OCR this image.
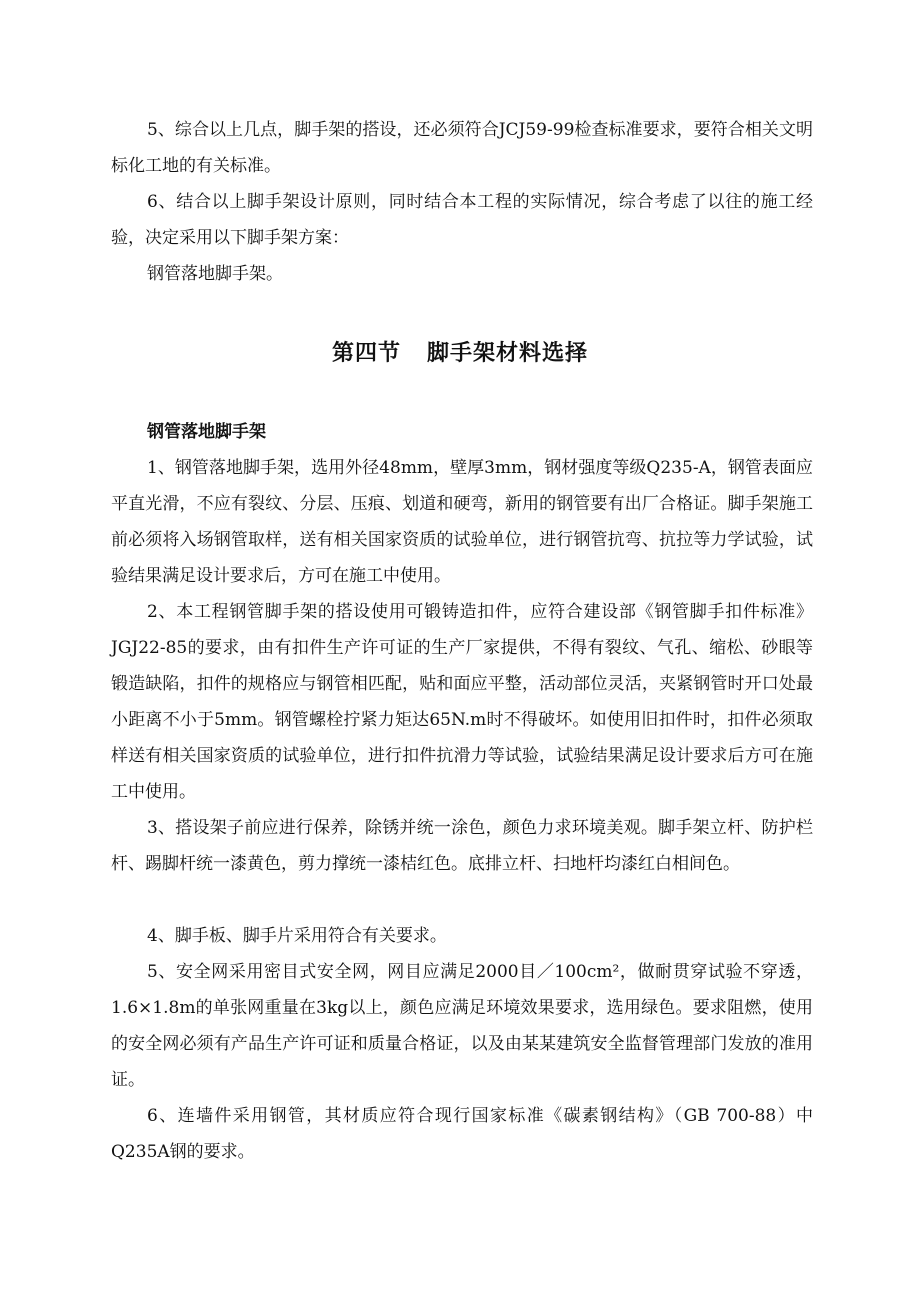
5、综合以上几点，脚手架的搭设，还必须符合JCJ59-99检查标准要求，要符合相关文明标化工地的有关标准。

6、结合以上脚手架设计原则，同时结合本工程的实际情况，综合考虑了以往的施工经验，决定采用以下脚手架方案：

钢管落地脚手架。

第四节 脚手架材料选择

钢管落地脚手架

1、钢管落地脚手架，选用外径48mm，壁厚3mm，钢材强度等级Q235-A，钢管表面应平直光滑，不应有裂纹、分层、压痕、划道和硬弯，新用的钢管要有出厂合格证。脚手架施工前必须将入场钢管取样，送有相关国家资质的试验单位，进行钢管抗弯、抗拉等力学试验，试验结果满足设计要求后，方可在施工中使用。

2、本工程钢管脚手架的搭设使用可锻铸造扣件，应符合建设部《钢管脚手扣件标准》JGJ22-85的要求，由有扣件生产许可证的生产厂家提供，不得有裂纹、气孔、缩松、砂眼等锻造缺陷，扣件的规格应与钢管相匹配，贴和面应平整，活动部位灵活，夹紧钢管时开口处最小距离不小于5mm。钢管螺栓拧紧力矩达65N.m时不得破坏。如使用旧扣件时，扣件必须取样送有相关国家资质的试验单位，进行扣件抗滑力等试验，试验结果满足设计要求后方可在施工中使用。

3、搭设架子前应进行保养，除锈并统一涂色，颜色力求环境美观。脚手架立杆、防护栏杆、踢脚杆统一漆黄色，剪力撑统一漆桔红色。底排立杆、扫地杆均漆红白相间色。

4、脚手板、脚手片采用符合有关要求。

5、安全网采用密目式安全网，网目应满足2000目／100cm²，做耐贯穿试验不穿透，1.6×1.8m的单张网重量在3kg以上，颜色应满足环境效果要求，选用绿色。要求阻燃，使用的安全网必须有产品生产许可证和质量合格证，以及由某某建筑安全监督管理部门发放的准用证。

6、连墙件采用钢管，其材质应符合现行国家标准《碳素钢结构》（GB 700-88）中Q235A钢的要求。
